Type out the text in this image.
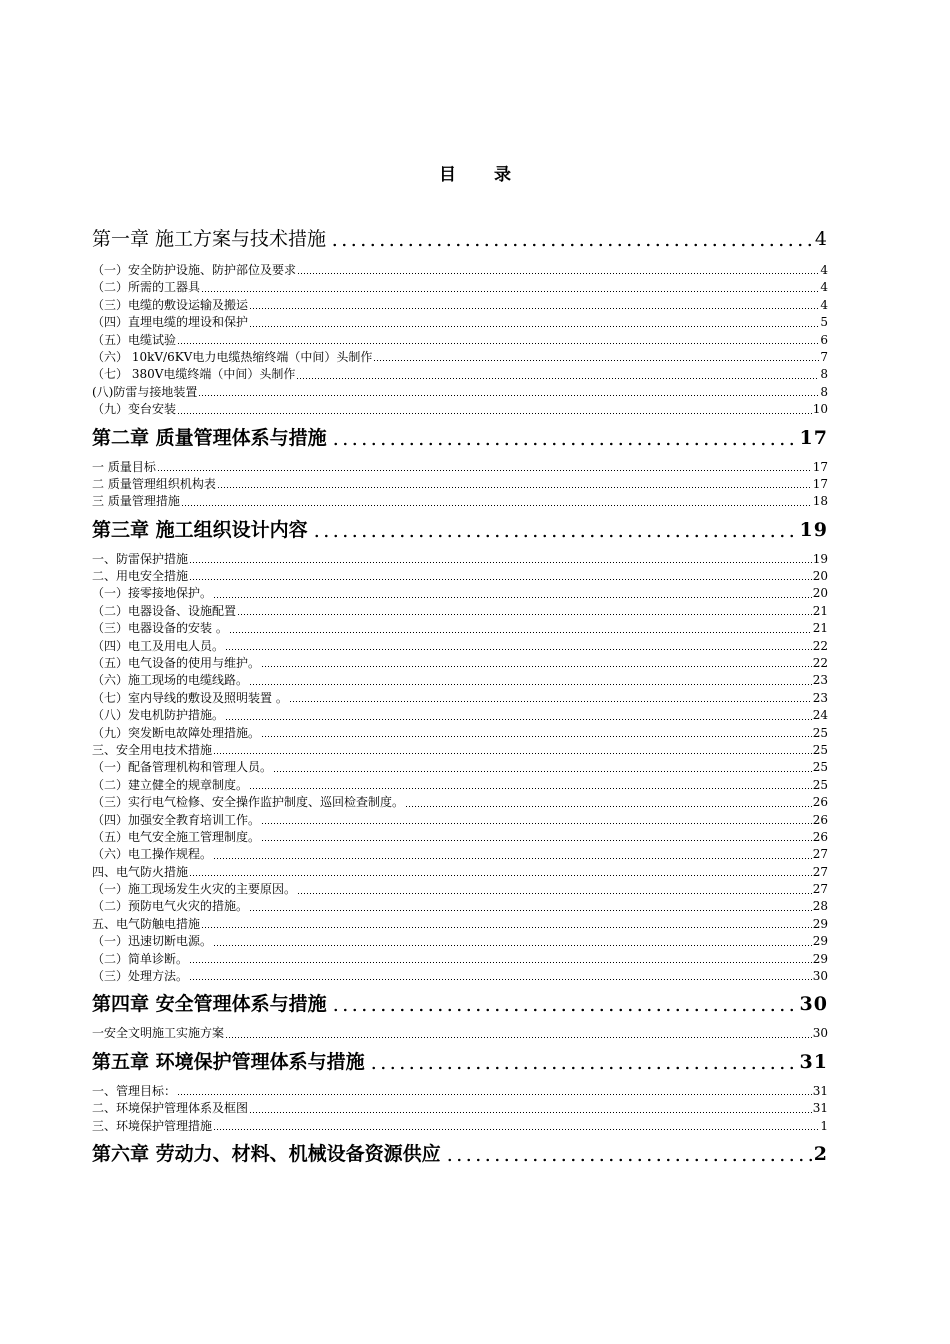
目 录
第一章 施工方案与技术措施	4
（一）安全防护设施、防护部位及要求	4
（二）所需的工器具	4
（三）电缆的敷设运输及搬运	4
（四）直埋电缆的埋设和保护	5
（五）电缆试验	6
（六） 10kV/6KV电力电缆热缩终端（中间）头制作	7
（七） 380V电缆终端（中间）头制作	8
(八)防雷与接地装置	8
（九）变台安装	10
第二章 质量管理体系与措施	17
一 质量目标	17
二 质量管理组织机构表	17
三 质量管理措施	18
第三章 施工组织设计内容	19
一、防雷保护措施	19
二、用电安全措施	20
（一）接零接地保护。	20
（二）电器设备、设施配置	21
（三）电器设备的安装 。	21
（四）电工及用电人员。	22
（五）电气设备的使用与维护。	22
（六）施工现场的电缆线路。	23
（七）室内导线的敷设及照明装置 。	23
（八）发电机防护措施。	24
（九）突发断电故障处理措施。	25
三、安全用电技术措施	25
（一）配备管理机构和管理人员。	25
（二）建立健全的规章制度。	25
（三）实行电气检修、安全操作监护制度、巡回检查制度。	26
（四）加强安全教育培训工作。	26
（五）电气安全施工管理制度。	26
（六）电工操作规程。	27
四、电气防火措施	27
（一）施工现场发生火灾的主要原因。	27
（二）预防电气火灾的措施。	28
五、电气防触电措施	29
（一）迅速切断电源。	29
（二）简单诊断。	29
（三）处理方法。	30
第四章 安全管理体系与措施	30
一安全文明施工实施方案	30
第五章 环境保护管理体系与措施	31
一、管理目标：	31
二、环境保护管理体系及框图	31
三、环境保护管理措施	1
第六章 劳动力、材料、机械设备资源供应	2
